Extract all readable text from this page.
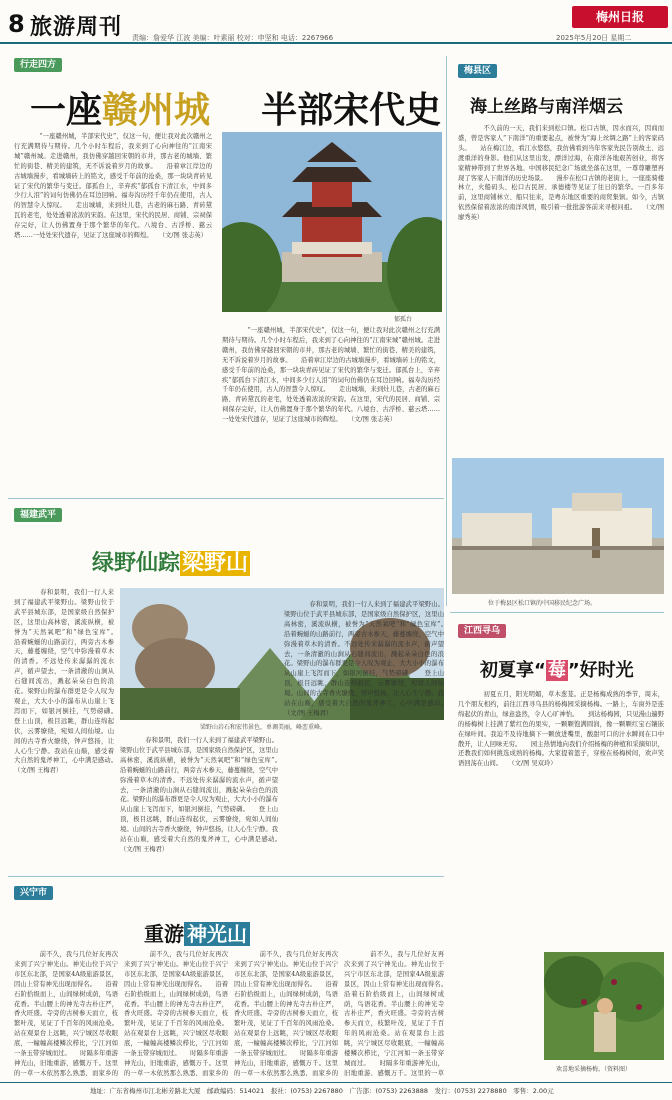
8 旅游周刊 责编：詹爱华 江波 美编：叶素丽 校对：申坚和 电话：2267966	2025年5月20日 星期二
梅州日报
行走四方
一座赣州城 半部宋代史
郁孤台

　　“一座赣州城，半部宋代史”，仅这一句，便让我对此次赣州之行充满期待与期待。几个小时车程后，我来到了心向神往的“江南宋城”赣州城。走进赣州，我仿佛穿越回宋朝的市井，那古老的城墙、繁忙的街巷、精美的建筑，无不诉说着岁月的故事。　　沿着章江岸边的古城墙漫步，看城墙砖上的铭文，感受千年前的沧桑，那一块块青砖见证了宋代的繁华与变迁。郁孤台上，辛弃疾“郁孤台下清江水，中间多少行人泪”的词句仿佛仍在耳边回响。福寿沟历经千年仍在使用，古人的智慧令人惊叹。　　走出城墙，来到灶儿巷，古老的麻石路、青砖黛瓦的老宅，处处透着浓浓的宋韵。在这里，宋代的民居、商铺、宗祠保存完好，让人仿佛置身于那个繁华的年代。八境台、古浮桥、慈云塔……一处处宋代遗存，见证了这座城市的辉煌。　　（文/图 张志英）

　　“一座赣州城，半部宋代史”，仅这一句，便让我对此次赣州之行充满期待与期待。几个小时车程后，我来到了心向神往的“江南宋城”赣州城。走进赣州，我仿佛穿越回宋朝的市井，那古老的城墙、繁忙的街巷、精美的建筑，无不诉说着岁月的故事。　　沿着章江岸边的古城墙漫步，看城墙砖上的铭文，感受千年前的沧桑，那一块块青砖见证了宋代的繁华与变迁。郁孤台上，辛弃疾“郁孤台下清江水，中间多少行人泪”的词句仿佛仍在耳边回响。福寿沟历经千年仍在使用，古人的智慧令人惊叹。　　走出城墙，来到灶儿巷，古老的麻石路、青砖黛瓦的老宅，处处透着浓浓的宋韵。在这里，宋代的民居、商铺、宗祠保存完好，让人仿佛置身于那个繁华的年代。八境台、古浮桥、慈云塔……一处处宋代遗存，见证了这座城市的辉煌。　　（文/图 张志英）

梅县区
海上丝路与南洋烟云

　　不久前的一天，我们来到松口镇。松口古镇，因水而兴，因商而盛，曾是客家人“下南洋”的重要起点，被誉为“海上丝绸之路”上的客家码头。　　站在梅江边，看江水悠悠，我仿佛看到当年客家先民告别故土、远渡重洋的身影。他们从这里出发，漂洋过海，在南洋各地艰苦创业，将客家精神带到了世界各地。中国移民纪念广场就坐落在这里，一尊尊雕塑再现了客家人下南洋的历史场景。　　漫步在松口古镇的老街上，一座座骑楼林立，火船码头、松口古民居、承德楼等见证了往日的繁华。一百多年前，这里商铺林立、船只往来，是粤东地区重要的商贸集镇。如今，古镇依然保留着浓浓的南洋风情，吸引着一批批游客前来寻根问祖。　　（文/图 廖秀英）

位于梅县区松口镇的中国移民纪念广场。
福建武平
绿野仙踪梁野山
梁野山岩石和宏伟景色，单调美丽，峰峦重峰。

　　春和景明，我们一行人来到了福建武平梁野山。梁野山位于武平县城东部，是国家级自然保护区，这里山高林密，溪流纵横，被誉为“天然氧吧”和“绿色宝库”。　　沿着蜿蜒的山路前行，两旁古木参天，藤蔓缠绕，空气中弥漫着草木的清香。不远处传来潺潺的流水声，循声望去，一条清澈的山涧从石缝间流出，溅起朵朵白色的浪花。梁野山的瀑布群更是令人叹为观止，大大小小的瀑布从山崖上飞泻而下，如银河倒挂，气势磅礴。　　登上山顶，极目远眺，群山连绵起伏，云雾缭绕，宛如人间仙境。山间的古寺香火缭绕，钟声悠扬，让人心生宁静。我站在山巅，感受着大自然的鬼斧神工，心中满是感动。　　（文/图 王梅君）

　　春和景明，我们一行人来到了福建武平梁野山。梁野山位于武平县城东部，是国家级自然保护区，这里山高林密，溪流纵横，被誉为“天然氧吧”和“绿色宝库”。　　沿着蜿蜒的山路前行，两旁古木参天，藤蔓缠绕，空气中弥漫着草木的清香。不远处传来潺潺的流水声，循声望去，一条清澈的山涧从石缝间流出，溅起朵朵白色的浪花。梁野山的瀑布群更是令人叹为观止，大大小小的瀑布从山崖上飞泻而下，如银河倒挂，气势磅礴。　　登上山顶，极目远眺，群山连绵起伏，云雾缭绕，宛如人间仙境。山间的古寺香火缭绕，钟声悠扬，让人心生宁静。我站在山巅，感受着大自然的鬼斧神工，心中满是感动。　　（文/图 王梅君）

　　春和景明，我们一行人来到了福建武平梁野山。梁野山位于武平县城东部，是国家级自然保护区，这里山高林密，溪流纵横，被誉为“天然氧吧”和“绿色宝库”。　　沿着蜿蜒的山路前行，两旁古木参天，藤蔓缠绕，空气中弥漫着草木的清香。不远处传来潺潺的流水声，循声望去，一条清澈的山涧从石缝间流出，溅起朵朵白色的浪花。梁野山的瀑布群更是令人叹为观止，大大小小的瀑布从山崖上飞泻而下，如银河倒挂，气势磅礴。　　登上山顶，极目远眺，群山连绵起伏，云雾缭绕，宛如人间仙境。山间的古寺香火缭绕，钟声悠扬，让人心生宁静。我站在山巅，感受着大自然的鬼斧神工，心中满是感动。　　（文/图 王梅君）

江西寻乌
初夏享“ 莓 ”好时光

　　初夏五月，阳光明媚，草木葱茏。正是杨梅成熟的季节，周末，几个朋友相约，前往江西寻乌县的杨梅园采摘杨梅。一路上，车窗外是连绵起伏的青山，绿意盎然，令人心旷神怡。　　到达杨梅园，只见漫山遍野的杨梅树上挂满了紫红色的果实，一颗颗饱满圆润，像一颗颗红宝石镶嵌在绿叶间。我迫不及待地摘下一颗放进嘴里，酸甜可口的汁水瞬间在口中散开，让人回味无穷。　　园主热情地向我们介绍杨梅的种植和采摘知识，还教我们如何挑选成熟的杨梅。大家提着篮子，穿梭在杨梅树间，欢声笑语回荡在山间。　　（文/图 吴双玲）

欢喜地采摘杨梅。（资料图）
兴宁市
重游 神光山

　　前不久，我与几位好友再次来到了兴宁神光山。神光山位于兴宁市区东北部，是国家4A级旅游景区，因山上常有神光出现而得名。　　沿着石阶拾级而上，山间绿树成荫，鸟语花香。半山腰上的神光寺古朴庄严，香火旺盛。寺旁的古树参天而立，枝繁叶茂，见证了千百年的风雨沧桑。站在观景台上远眺，兴宁城区尽收眼底，一幢幢高楼鳞次栉比，宁江河如一条玉带穿城而过。　　时隔多年重游神光山，旧地重游，感慨万千。这里的一草一木依然那么熟悉，而家乡的　　

　　前不久，我与几位好友再次来到了兴宁神光山。神光山位于兴宁市区东北部，是国家4A级旅游景区，因山上常有神光出现而得名。　　沿着石阶拾级而上，山间绿树成荫，鸟语花香。半山腰上的神光寺古朴庄严，香火旺盛。寺旁的古树参天而立，枝繁叶茂，见证了千百年的风雨沧桑。站在观景台上远眺，兴宁城区尽收眼底，一幢幢高楼鳞次栉比，宁江河如一条玉带穿城而过。　　时隔多年重游神光山，旧地重游，感慨万千。这里的一草一木依然那么熟悉，而家乡的　　

　　前不久，我与几位好友再次来到了兴宁神光山。神光山位于兴宁市区东北部，是国家4A级旅游景区，因山上常有神光出现而得名。　　沿着石阶拾级而上，山间绿树成荫，鸟语花香。半山腰上的神光寺古朴庄严，香火旺盛。寺旁的古树参天而立，枝繁叶茂，见证了千百年的风雨沧桑。站在观景台上远眺，兴宁城区尽收眼底，一幢幢高楼鳞次栉比，宁江河如一条玉带穿城而过。　　时隔多年重游神光山，旧地重游，感慨万千。这里的一草一木依然那么熟悉，而家乡的　　

　　前不久，我与几位好友再次来到了兴宁神光山。神光山位于兴宁市区东北部，是国家4A级旅游景区，因山上常有神光出现而得名。　　沿着石阶拾级而上，山间绿树成荫，鸟语花香。半山腰上的神光寺古朴庄严，香火旺盛。寺旁的古树参天而立，枝繁叶茂，见证了千百年的风雨沧桑。站在观景台上远眺，兴宁城区尽收眼底，一幢幢高楼鳞次栉比，宁江河如一条玉带穿城而过。　　时隔多年重游神光山，旧地重游，感慨万千。这里的一草　　

地址：广东省梅州市江北彬芳路北大厦　邮政编码：514021　报社：(0753) 2267880　广告部：(0753) 2263888　发行：(0753) 2278880　零售：2.00元
